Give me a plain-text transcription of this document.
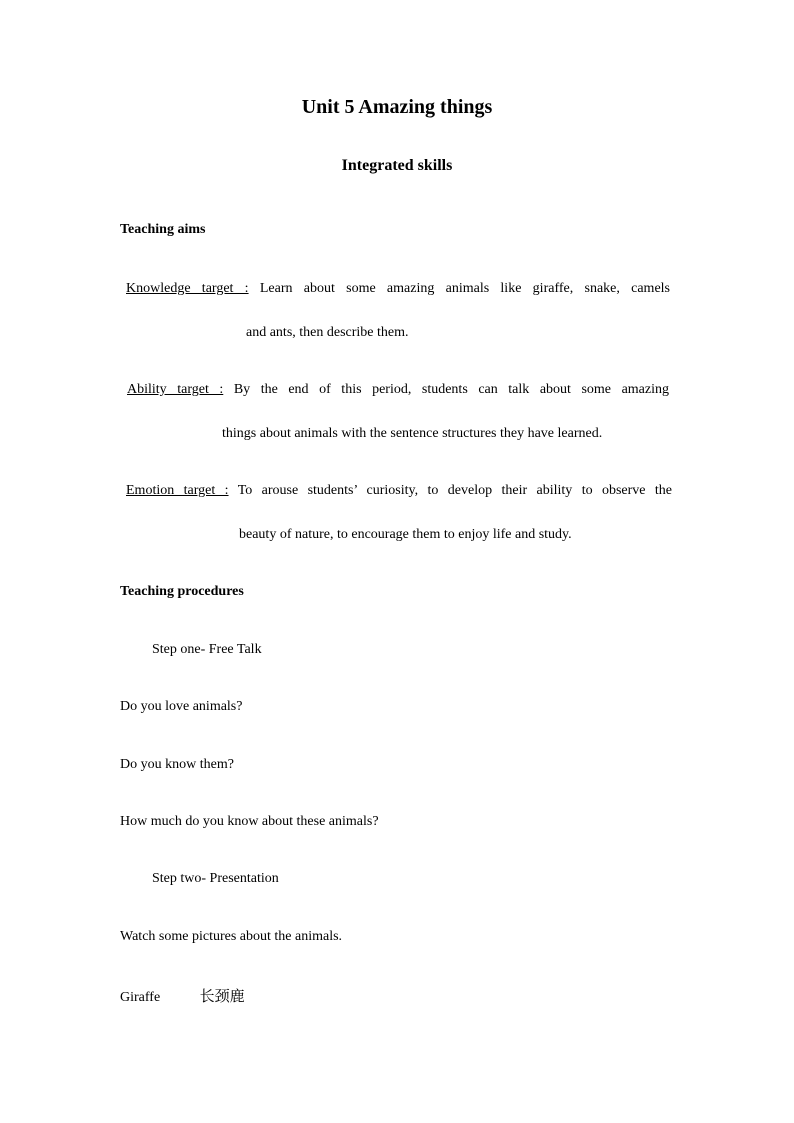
Unit 5 Amazing things
Integrated skills
Teaching aims
Knowledge target : Learn about some amazing animals like giraffe, snake, camels
and ants, then describe them.
Ability target : By the end of this period, students can talk about some amazing
things about animals with the sentence structures they have learned.
Emotion target : To arouse students’ curiosity, to develop their ability to observe the
beauty of nature, to encourage them to enjoy life and study.
Teaching procedures
Step one- Free Talk
Do you love animals?
Do you know them?
How much do you know about these animals?
Step two- Presentation
Watch some pictures about the animals.
Giraffe	长颈鹿
